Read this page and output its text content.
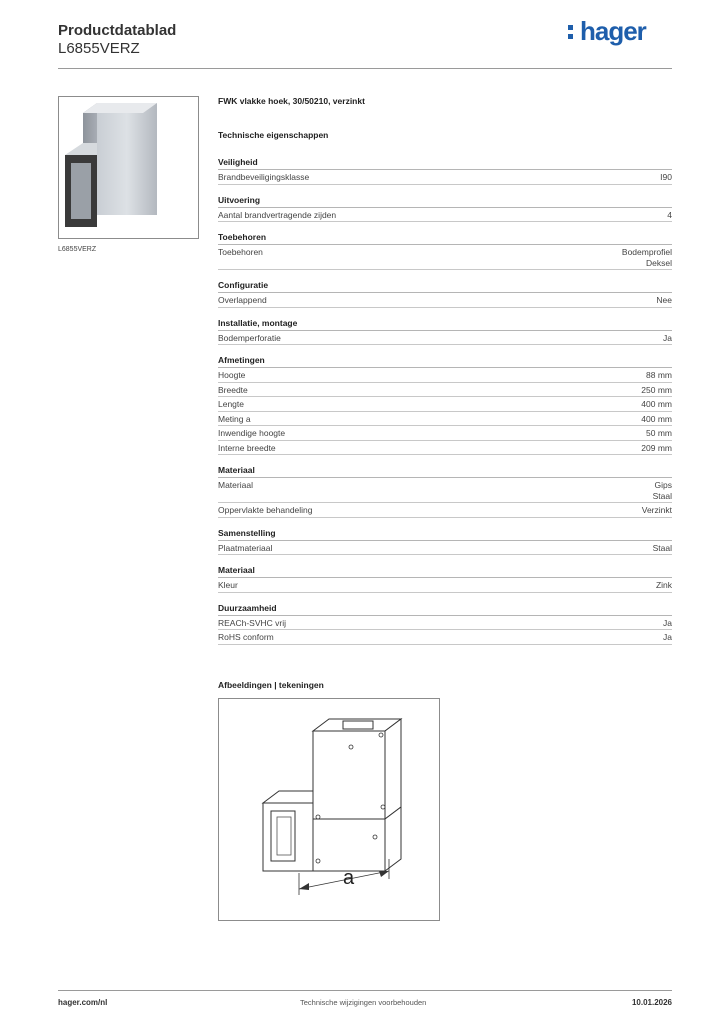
Productdatablad
L6855VERZ
hager
L6855VERZ
FWK vlakke hoek, 30/50210, verzinkt
Technische eigenschappen
Veiligheid
Brandbeveiligingsklasse	I90
Uitvoering
Aantal brandvertragende zijden	4
Toebehoren
Toebehoren	Bodemprofiel
Deksel
Configuratie
Overlappend	Nee
Installatie, montage
Bodemperforatie	Ja
Afmetingen
Hoogte	88 mm
Breedte	250 mm
Lengte	400 mm
Meting a	400 mm
Inwendige hoogte	50 mm
Interne breedte	209 mm
Materiaal
Materiaal	Gips
Staal
Oppervlakte behandeling	Verzinkt
Samenstelling
Plaatmateriaal	Staal
Materiaal
Kleur	Zink
Duurzaamheid
REACh-SVHC vrij	Ja
RoHS conform	Ja
Afbeeldingen | tekeningen
a
hager.com/nl	Technische wijzigingen voorbehouden	10.01.2026
